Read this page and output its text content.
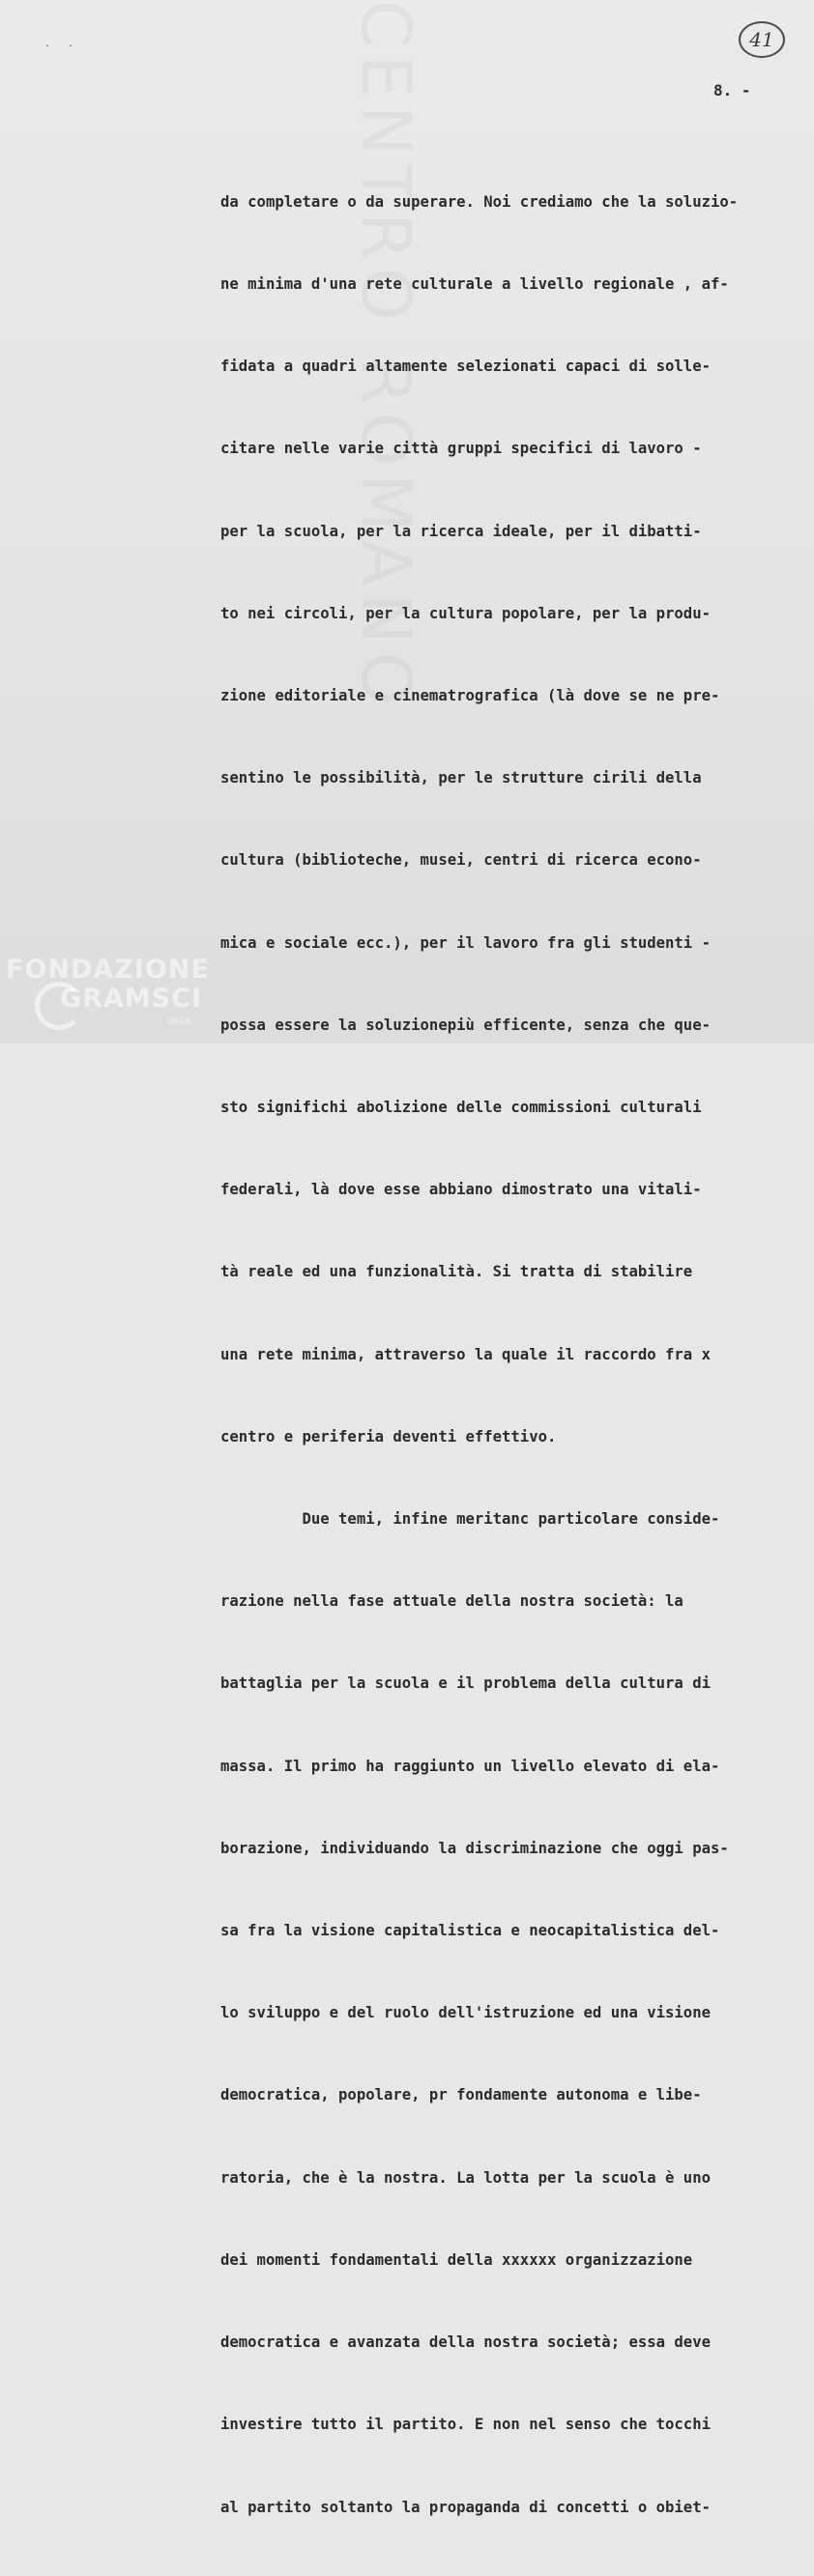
. .	CENTRO ROMANO	41
8. -

da completare o da superare. Noi crediamo che la soluzio-

ne minima d'una rete culturale a livello regionale , af-

fidata a quadri altamente selezionati capaci di solle-

citare nelle varie città gruppi specifici di lavoro -

per la scuola, per la ricerca ideale, per il dibatti-

to nei circoli, per la cultura popolare, per la produ-

zione editoriale e cinematrografica (là dove se ne pre-

sentino le possibilità, per le strutture cirili della

cultura (biblioteche, musei, centri di ricerca econo-

mica e sociale ecc.), per il lavoro fra gli studenti -

possa essere la soluzionepiù efficente, senza che que-

sto significhi abolizione delle commissioni culturali

federali, là dove esse abbiano dimostrato una vitali-

tà reale ed una funzionalità. Si tratta di stabilire

una rete minima, attraverso la quale il raccordo fra x

centro e periferia deventi effettivo.

Due temi, infine meritanc particolare conside-

razione nella fase attuale della nostra società: la

battaglia per la scuola e il problema della cultura di

massa. Il primo ha raggiunto un livello elevato di ela-

borazione, individuando la discriminazione che oggi pas-

sa fra la visione capitalistica e neocapitalistica del-

lo sviluppo e del ruolo dell'istruzione ed una visione

democratica, popolare, pr fondamente autonoma e libe-

ratoria, che è la nostra. La lotta per la scuola è uno

dei momenti fondamentali della xxxxxx organizzazione

democratica e avanzata della nostra società; essa deve

investire tutto il partito. E non nel senso che tocchi

al partito soltanto la propaganda di concetti o obiet-

FONDAZIONE
GRAMSCI
onlus
